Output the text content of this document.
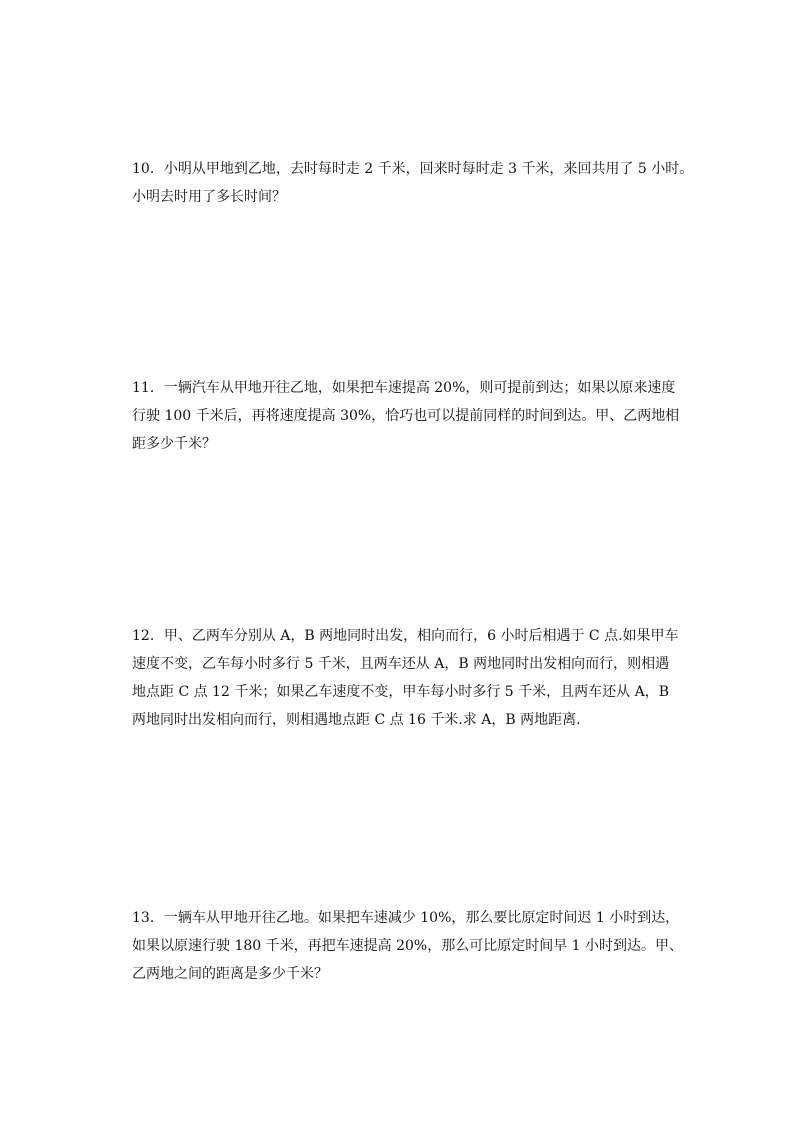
10．小明从甲地到乙地，去时每时走 2 千米，回来时每时走 3 千米，来回共用了 5 小时。
小明去时用了多长时间？
11．一辆汽车从甲地开往乙地，如果把车速提高 20%，则可提前到达；如果以原来速度
行驶 100 千米后，再将速度提高 30%，恰巧也可以提前同样的时间到达。甲、乙两地相
距多少千米？
12．甲、乙两车分别从 A，B 两地同时出发，相向而行，6 小时后相遇于 C 点.如果甲车
速度不变，乙车每小时多行 5 千米，且两车还从 A，B 两地同时出发相向而行，则相遇
地点距 C 点 12 千米；如果乙车速度不变，甲车每小时多行 5 千米，且两车还从 A，B
两地同时出发相向而行，则相遇地点距 C 点 16 千米.求 A，B 两地距离.
13．一辆车从甲地开往乙地。如果把车速减少 10%，那么要比原定时间迟 1 小时到达，
如果以原速行驶 180 千米，再把车速提高 20%，那么可比原定时间早 1 小时到达。甲、
乙两地之间的距离是多少千米？
